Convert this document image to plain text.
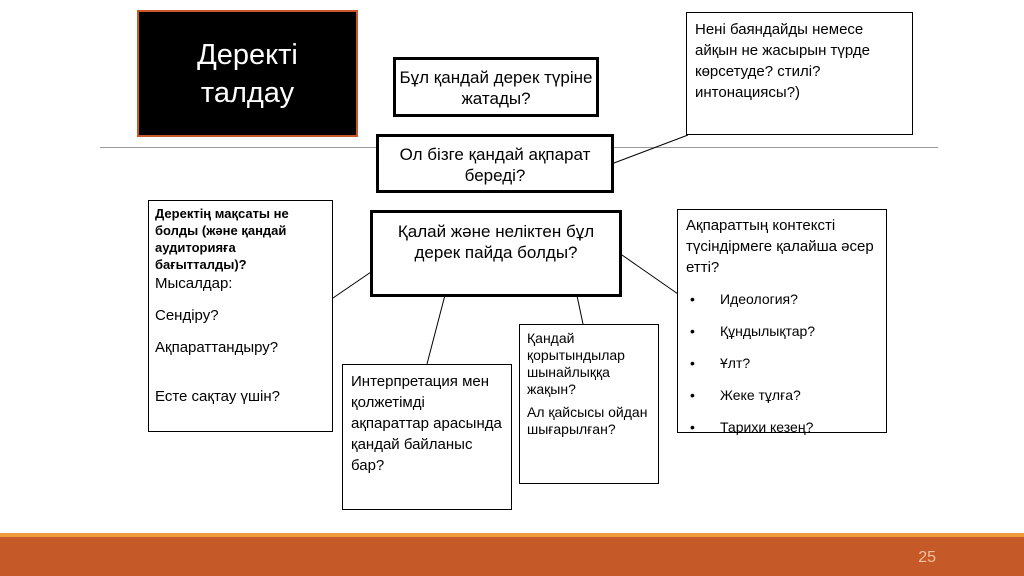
Деректі
талдау	Бұл қандай дерек түріне жатады?
Ол бізге қандай ақпарат береді?
Қалай және неліктен бұл дерек пайда болды?
Нені баяндайды немесе айқын не жасырын түрде көрсетуде? стилі? интонациясы?)
Деректің мақсаты не болды (және қандай аудиторияға бағытталды)?
Мысалдар:
Сендіру?
Ақпараттандыру?
Есте сақтау үшін?
Интерпретация мен қолжетімді ақпараттар арасында қандай байланыс бар?
Қандай қорытындылар шынайлыққа жақын?
Ал қайсысы ойдан шығарылған?
Ақпараттың контексті түсіндірмеге қалайша әсер етті?
• Идеология?
• Құндылықтар?
• Ұлт?
• Жеке тұлға?
• Тарихи кезең?
25
